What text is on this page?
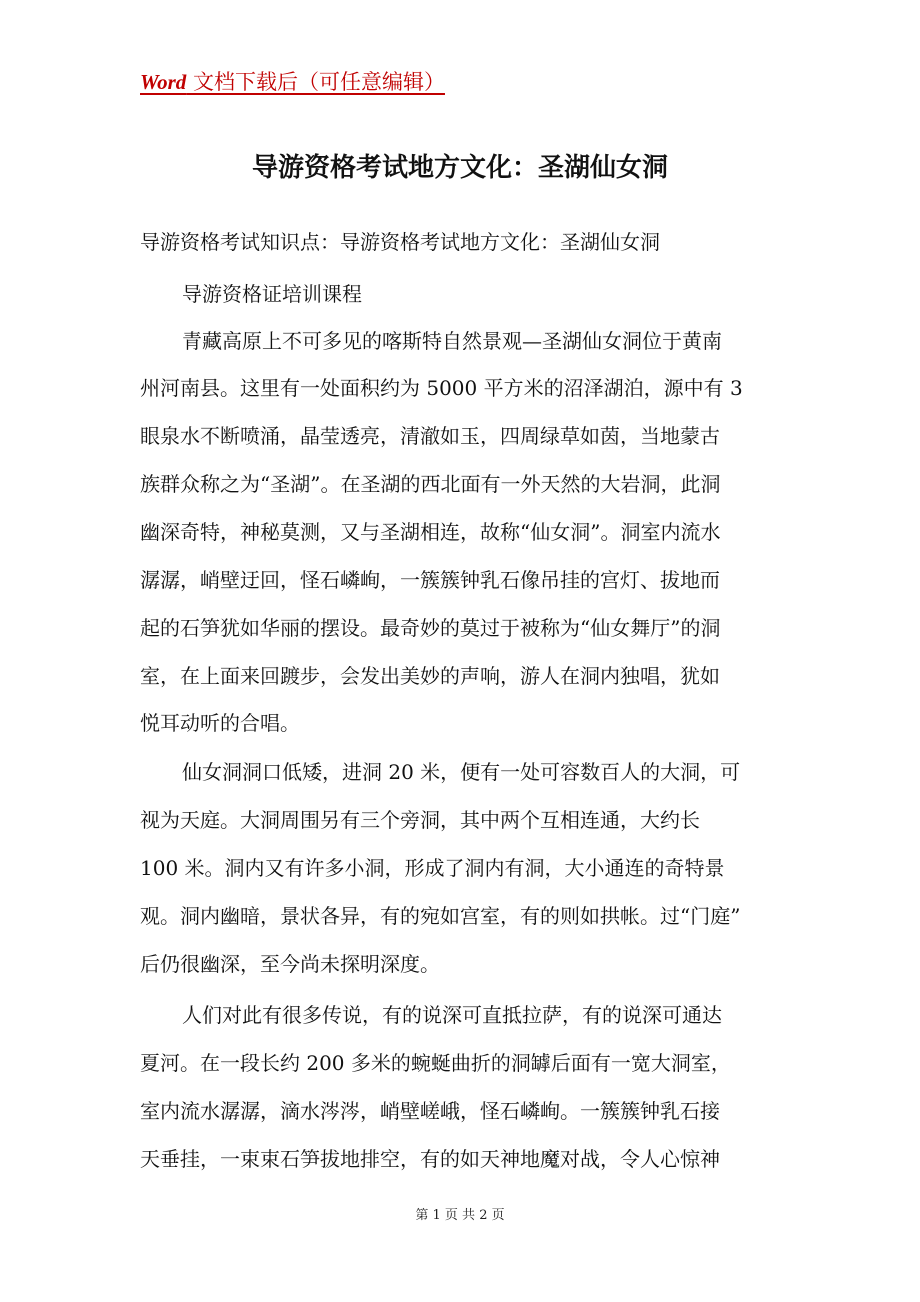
Word 文档下载后（可任意编辑）
导游资格考试地方文化：圣湖仙女洞
导游资格考试知识点：导游资格考试地方文化：圣湖仙女洞
导游资格证培训课程
青藏高原上不可多见的喀斯特自然景观—圣湖仙女洞位于黄南
州河南县。这里有一处面积约为 5000 平方米的沼泽湖泊，源中有 3
眼泉水不断喷涌，晶莹透亮，清澈如玉，四周绿草如茵，当地蒙古
族群众称之为“圣湖”。在圣湖的西北面有一外天然的大岩洞，此洞
幽深奇特，神秘莫测，又与圣湖相连，故称“仙女洞”。洞室内流水
潺潺，峭壁迂回，怪石嶙峋，一簇簇钟乳石像吊挂的宫灯、拔地而
起的石笋犹如华丽的摆设。最奇妙的莫过于被称为“仙女舞厅”的洞
室，在上面来回踱步，会发出美妙的声响，游人在洞内独唱，犹如
悦耳动听的合唱。
仙女洞洞口低矮，进洞 20 米，便有一处可容数百人的大洞，可
视为天庭。大洞周围另有三个旁洞，其中两个互相连通，大约长
100 米。洞内又有许多小洞，形成了洞内有洞，大小通连的奇特景
观。洞内幽暗，景状各异，有的宛如宫室，有的则如拱帐。过“门庭”
后仍很幽深，至今尚未探明深度。
人们对此有很多传说，有的说深可直抵拉萨，有的说深可通达
夏河。在一段长约 200 多米的蜿蜒曲折的洞罅后面有一宽大洞室，
室内流水潺潺，滴水涔涔，峭壁嵯峨，怪石嶙峋。一簇簇钟乳石接
天垂挂，一束束石笋拔地排空，有的如天神地魔对战，令人心惊神
第 1 页 共 2 页
